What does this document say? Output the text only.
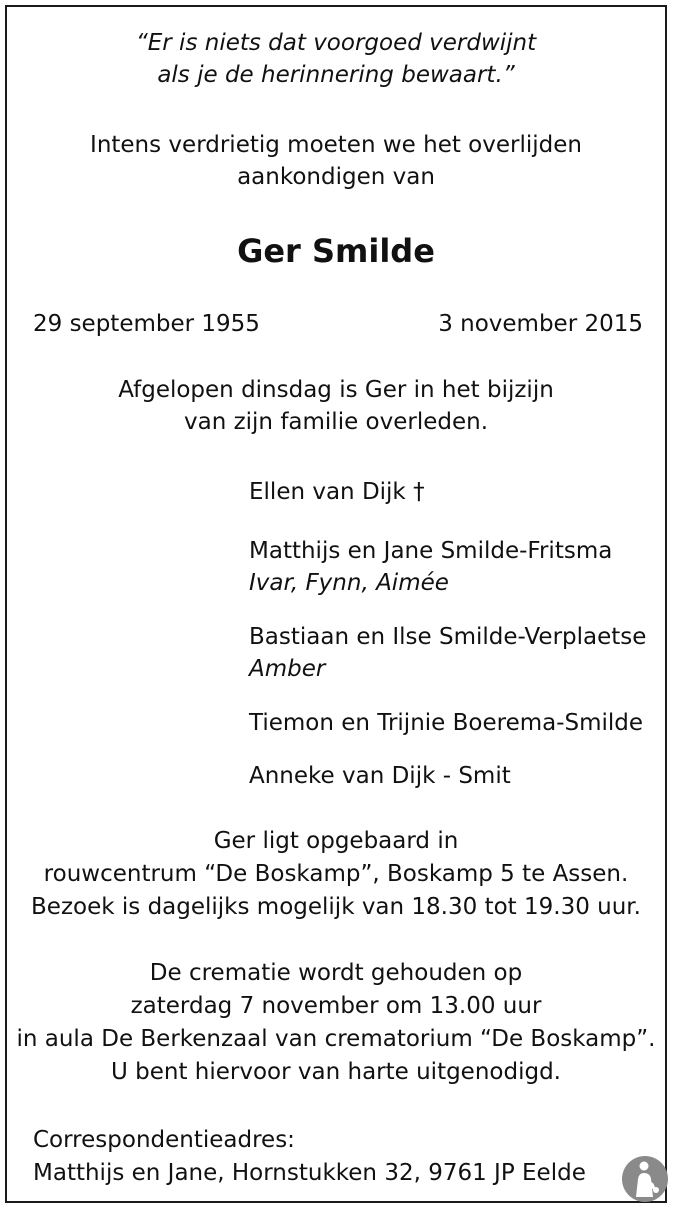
“Er is niets dat voorgoed verdwijnt
als je de herinnering bewaart.”
Intens verdrietig moeten we het overlijden
aankondigen van
Ger Smilde
29 september 1955	3 november 2015
Afgelopen dinsdag is Ger in het bijzijn
van zijn familie overleden.
Ellen van Dijk †
Matthijs en Jane Smilde-Fritsma
Ivar, Fynn, Aimée
Bastiaan en Ilse Smilde-Verplaetse
Amber
Tiemon en Trijnie Boerema-Smilde
Anneke van Dijk - Smit
Ger ligt opgebaard in
rouwcentrum “De Boskamp”, Boskamp 5 te Assen.
Bezoek is dagelijks mogelijk van 18.30 tot 19.30 uur.
De crematie wordt gehouden op
zaterdag 7 november om 13.00 uur
in aula De Berkenzaal van crematorium “De Boskamp”.
U bent hiervoor van harte uitgenodigd.
Correspondentieadres:
Matthijs en Jane, Hornstukken 32, 9761 JP Eelde
